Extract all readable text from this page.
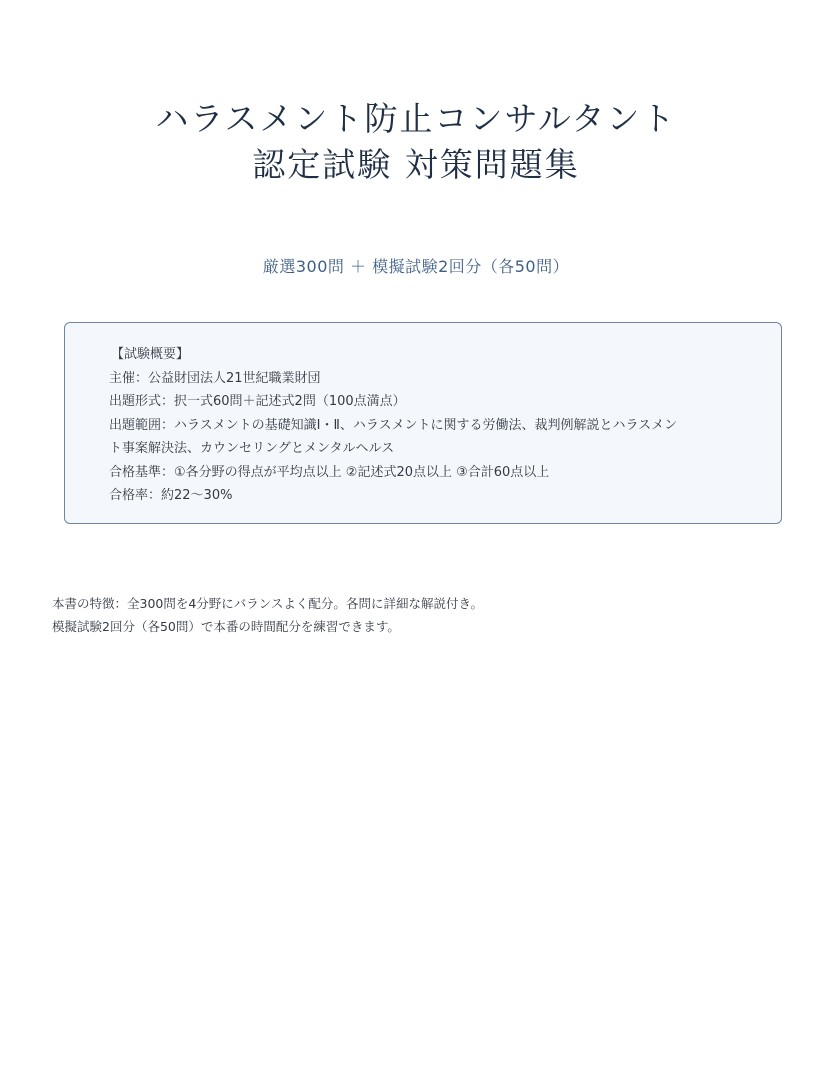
ハラスメント防止コンサルタント
認定試験 対策問題集
厳選300問 ＋ 模擬試験2回分（各50問）
【試験概要】
主催：公益財団法人21世紀職業財団
出題形式：択一式60問＋記述式2問（100点満点）
出題範囲：ハラスメントの基礎知識Ⅰ・Ⅱ、ハラスメントに関する労働法、裁判例解説とハラスメン
ト事案解決法、カウンセリングとメンタルヘルス
合格基準：①各分野の得点が平均点以上 ②記述式20点以上 ③合計60点以上
合格率：約22〜30%
本書の特徴：全300問を4分野にバランスよく配分。各問に詳細な解説付き。
模擬試験2回分（各50問）で本番の時間配分を練習できます。
